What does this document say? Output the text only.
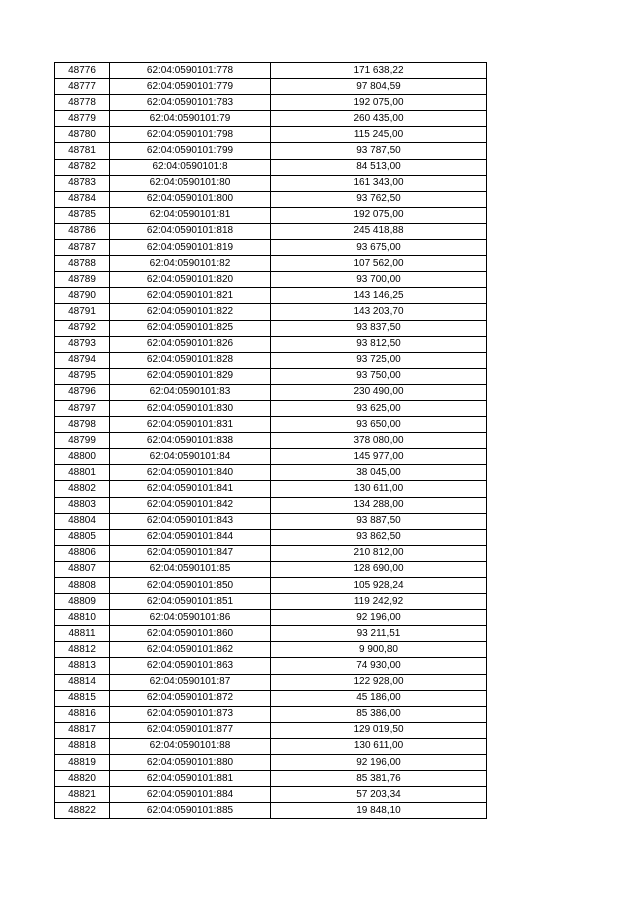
48776	62:04:0590101:778	171 638,22
48777	62:04:0590101:779	97 804,59
48778	62:04:0590101:783	192 075,00
48779	62:04:0590101:79	260 435,00
48780	62:04:0590101:798	115 245,00
48781	62:04:0590101:799	93 787,50
48782	62:04:0590101:8	84 513,00
48783	62:04:0590101:80	161 343,00
48784	62:04:0590101:800	93 762,50
48785	62:04:0590101:81	192 075,00
48786	62:04:0590101:818	245 418,88
48787	62:04:0590101:819	93 675,00
48788	62:04:0590101:82	107 562,00
48789	62:04:0590101:820	93 700,00
48790	62:04:0590101:821	143 146,25
48791	62:04:0590101:822	143 203,70
48792	62:04:0590101:825	93 837,50
48793	62:04:0590101:826	93 812,50
48794	62:04:0590101:828	93 725,00
48795	62:04:0590101:829	93 750,00
48796	62:04:0590101:83	230 490,00
48797	62:04:0590101:830	93 625,00
48798	62:04:0590101:831	93 650,00
48799	62:04:0590101:838	378 080,00
48800	62:04:0590101:84	145 977,00
48801	62:04:0590101:840	38 045,00
48802	62:04:0590101:841	130 611,00
48803	62:04:0590101:842	134 288,00
48804	62:04:0590101:843	93 887,50
48805	62:04:0590101:844	93 862,50
48806	62:04:0590101:847	210 812,00
48807	62:04:0590101:85	128 690,00
48808	62:04:0590101:850	105 928,24
48809	62:04:0590101:851	119 242,92
48810	62:04:0590101:86	92 196,00
48811	62:04:0590101:860	93 211,51
48812	62:04:0590101:862	9 900,80
48813	62:04:0590101:863	74 930,00
48814	62:04:0590101:87	122 928,00
48815	62:04:0590101:872	45 186,00
48816	62:04:0590101:873	85 386,00
48817	62:04:0590101:877	129 019,50
48818	62:04:0590101:88	130 611,00
48819	62:04:0590101:880	92 196,00
48820	62:04:0590101:881	85 381,76
48821	62:04:0590101:884	57 203,34
48822	62:04:0590101:885	19 848,10
